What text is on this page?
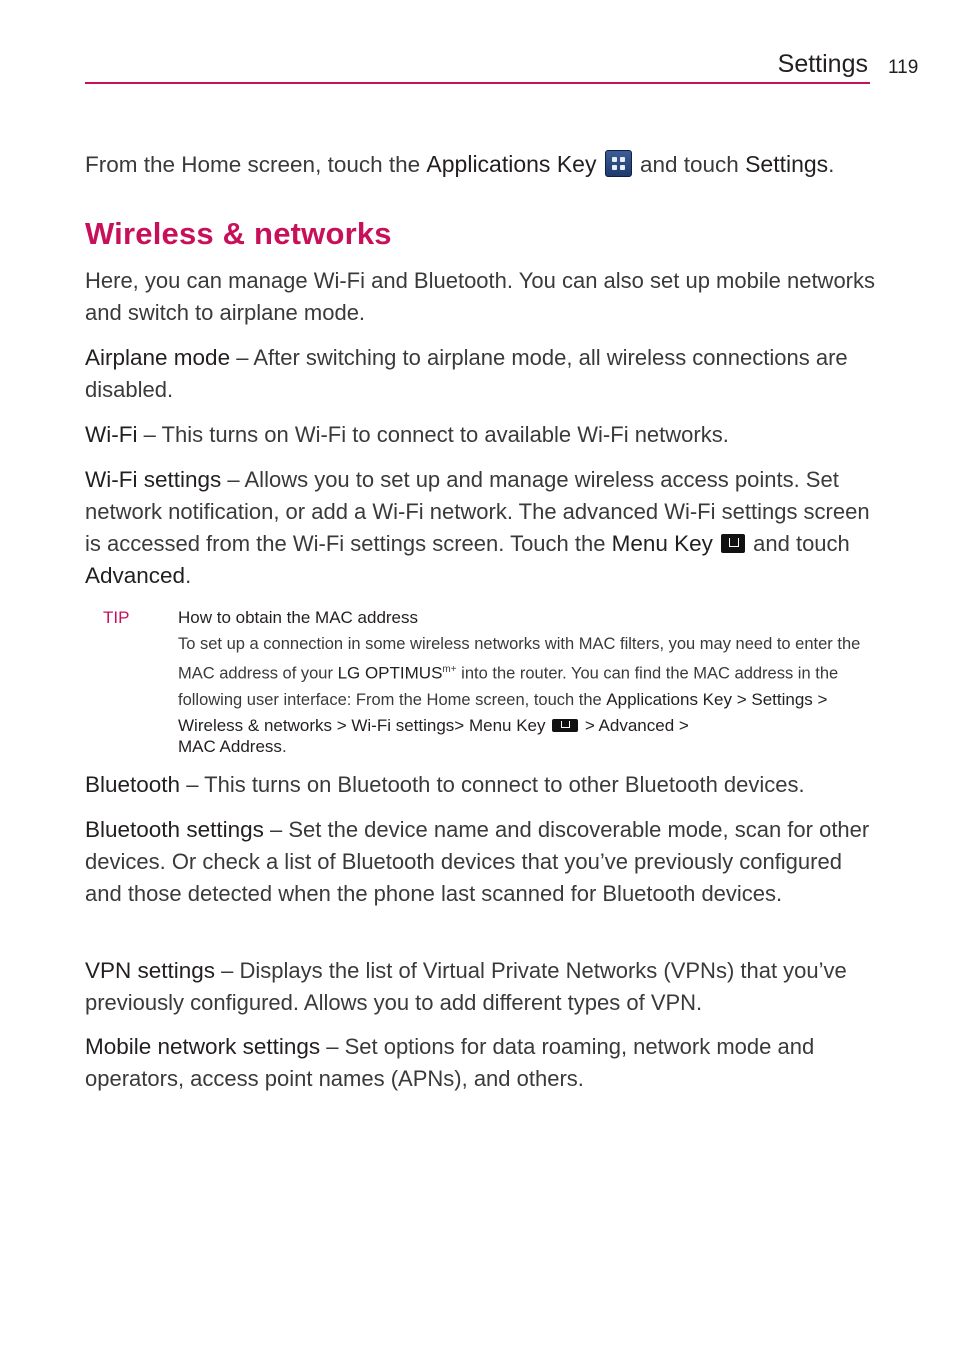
Settings 119
From the Home screen, touch the Applications Key
and touch Settings.
Wireless & networks

Here, you can manage Wi-Fi and Bluetooth. You can also set up mobile networks and switch to airplane mode.

Airplane mode – After switching to airplane mode, all wireless connections are disabled.

Wi-Fi – This turns on Wi-Fi to connect to available Wi-Fi networks.

Wi-Fi settings – Allows you to set up and manage wireless access points. Set network notification, or add a Wi-Fi network. The advanced Wi-Fi settings screen is accessed from the Wi-Fi settings screen. Touch the Menu Key  and touch Advanced.

TIP	How to obtain the MAC address
To set up a connection in some wireless networks with MAC filters, you may need to enter the MAC address of your LG $OPTIMUS^{m+}$ into the router. You can find the MAC address in the following user interface: From the Home screen, touch the Applications Key > Settings > Wireless & networks > Wi-Fi settings> Menu Key  > Advanced >
MAC Address.

Bluetooth – This turns on Bluetooth to connect to other Bluetooth devices.

Bluetooth settings – Set the device name and discoverable mode, scan for other devices. Or check a list of Bluetooth devices that you’ve previously configured and those detected when the phone last scanned for Bluetooth devices.

VPN settings – Displays the list of Virtual Private Networks (VPNs) that you’ve previously configured. Allows you to add different types of VPN.

Mobile network settings – Set options for data roaming, network mode and operators, access point names (APNs), and others.
